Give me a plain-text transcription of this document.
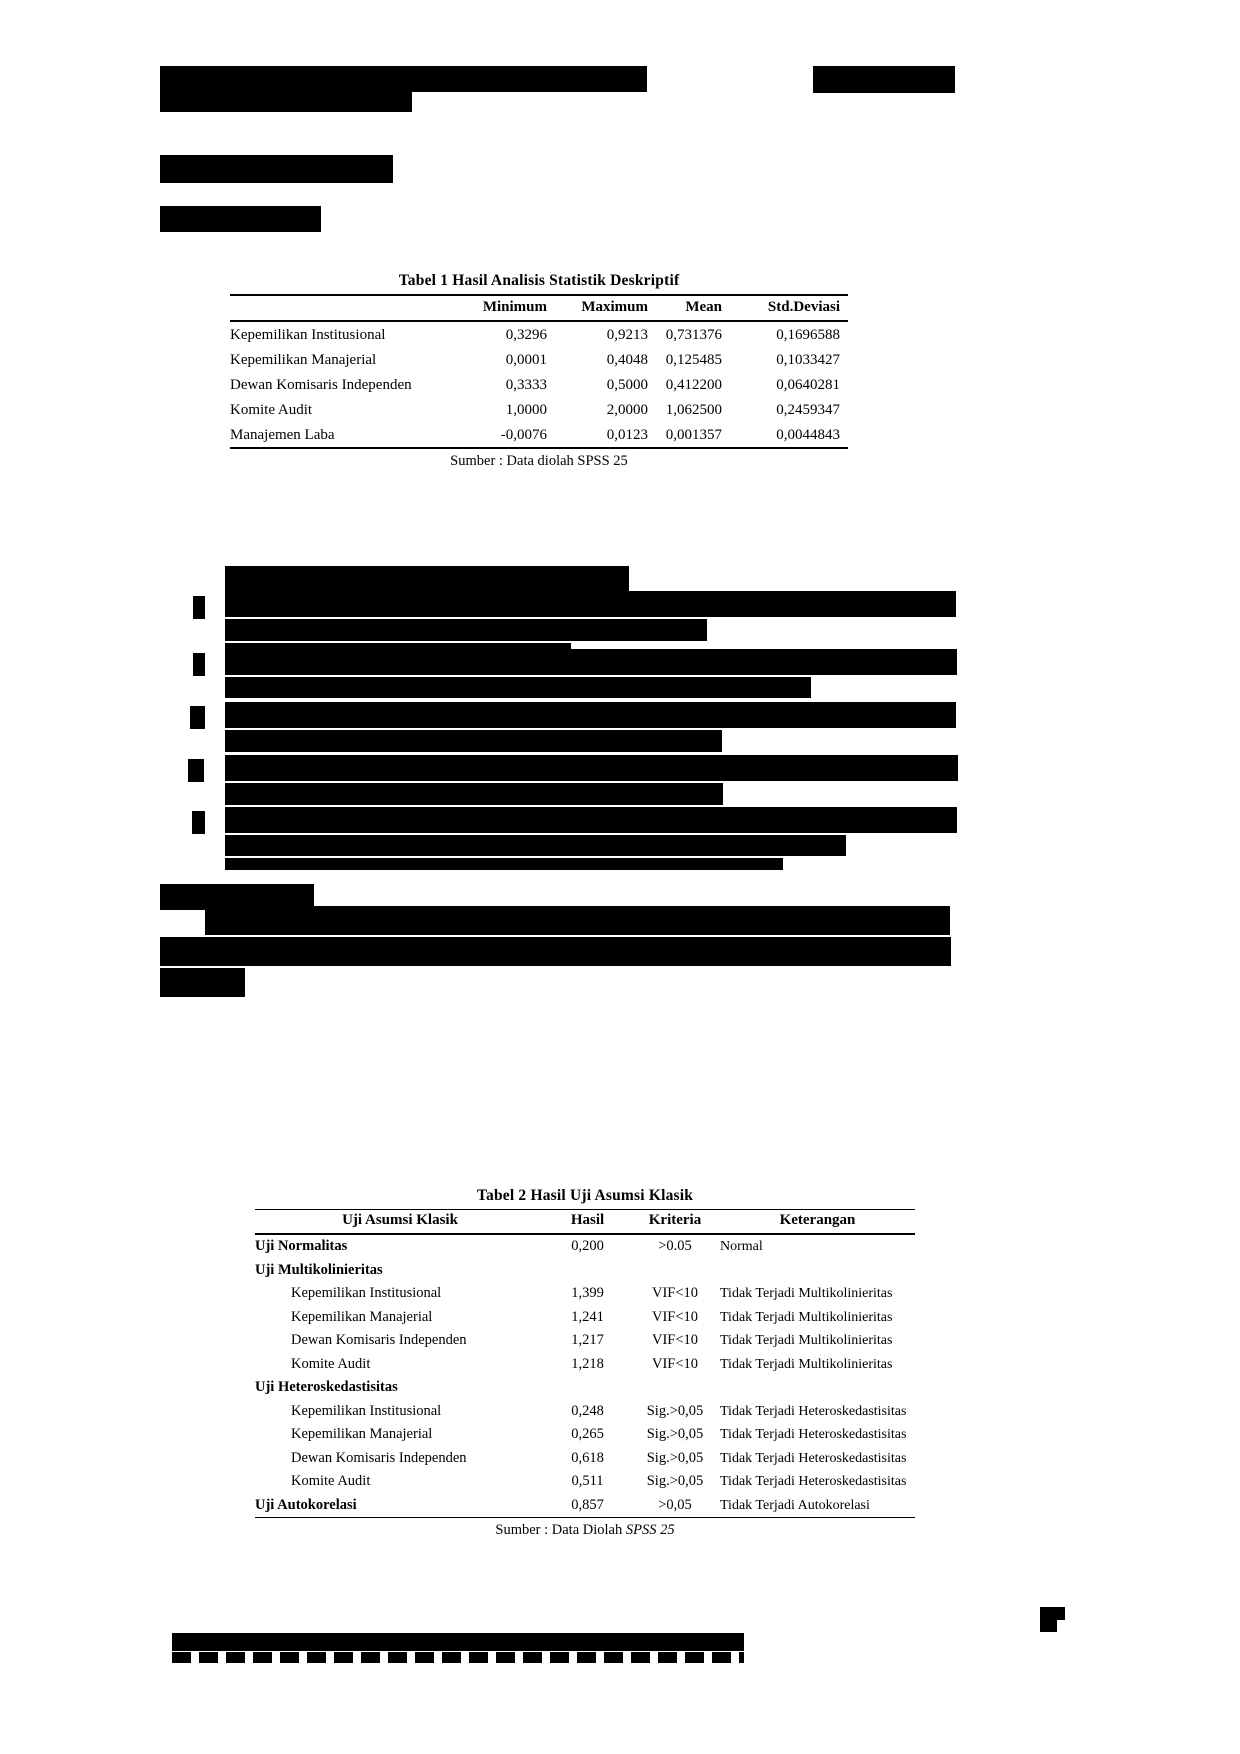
Tabel 1 Hasil Analisis Statistik Deskriptif
	Minimum	Maximum	Mean	Std.Deviasi
Kepemilikan Institusional	0,3296	0,9213	0,731376	0,1696588
Kepemilikan Manajerial	0,0001	0,4048	0,125485	0,1033427
Dewan Komisaris Independen	0,3333	0,5000	0,412200	0,0640281
Komite Audit	1,0000	2,0000	1,062500	0,2459347
Manajemen Laba	-0,0076	0,0123	0,001357	0,0044843
Sumber : Data diolah SPSS 25
Tabel 2 Hasil Uji Asumsi Klasik
Uji Asumsi Klasik	Hasil	Kriteria	Keterangan
Uji Normalitas	0,200	>0.05	Normal
Uji Multikolinieritas			
Kepemilikan Institusional	1,399	VIF<10	Tidak Terjadi Multikolinieritas
Kepemilikan Manajerial	1,241	VIF<10	Tidak Terjadi Multikolinieritas
Dewan Komisaris Independen	1,217	VIF<10	Tidak Terjadi Multikolinieritas
Komite Audit	1,218	VIF<10	Tidak Terjadi Multikolinieritas
Uji Heteroskedastisitas			
Kepemilikan Institusional	0,248	Sig.>0,05	Tidak Terjadi Heteroskedastisitas
Kepemilikan Manajerial	0,265	Sig.>0,05	Tidak Terjadi Heteroskedastisitas
Dewan Komisaris Independen	0,618	Sig.>0,05	Tidak Terjadi Heteroskedastisitas
Komite Audit	0,511	Sig.>0,05	Tidak Terjadi Heteroskedastisitas
Uji Autokorelasi	0,857	>0,05	Tidak Terjadi Autokorelasi
Sumber : Data Diolah SPSS 25
